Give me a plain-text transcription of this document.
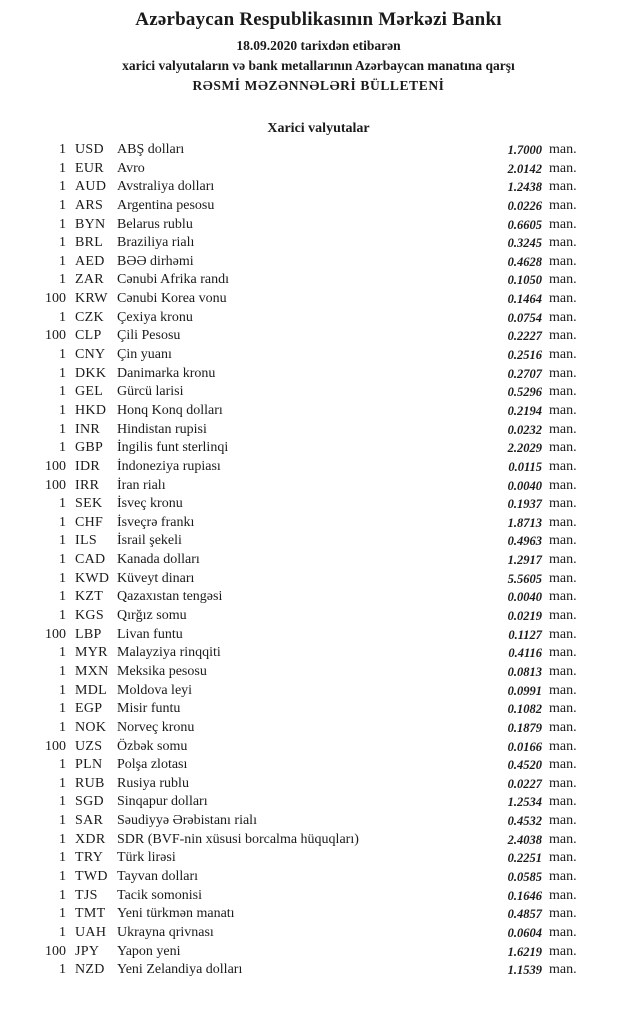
Azərbaycan Respublikasının Mərkəzi Bankı
18.09.2020 tarixdən etibarən
xarici valyutaların və bank metallarının Azərbaycan manatına qarşı
RƏSMİ MƏZƏNNƏLƏRİ BÜLLETENİ
Xarici valyutalar
1 USD ABŞ dolları	1.7000 man.
1 EUR Avro	2.0142 man.
1 AUD Avstraliya dolları	1.2438 man.
1 ARS Argentina pesosu	0.0226 man.
1 BYN Belarus rublu	0.6605 man.
1 BRL Braziliya rialı	0.3245 man.
1 AED BƏƏ dirhəmi	0.4628 man.
1 ZAR Cənubi Afrika randı	0.1050 man.
100 KRW Cənubi Korea vonu	0.1464 man.
1 CZK Çexiya kronu	0.0754 man.
100 CLP Çili Pesosu	0.2227 man.
1 CNY Çin yuanı	0.2516 man.
1 DKK Danimarka kronu	0.2707 man.
1 GEL Gürcü larisi	0.5296 man.
1 HKD Honq Konq dolları	0.2194 man.
1 INR Hindistan rupisi	0.0232 man.
1 GBP İngilis funt sterlinqi	2.2029 man.
100 IDR İndoneziya rupiası	0.0115 man.
100 IRR İran rialı	0.0040 man.
1 SEK İsveç kronu	0.1937 man.
1 CHF İsveçrə frankı	1.8713 man.
1 ILS İsrail şekeli	0.4963 man.
1 CAD Kanada dolları	1.2917 man.
1 KWD Küveyt dinarı	5.5605 man.
1 KZT Qazaxıstan tengəsi	0.0040 man.
1 KGS Qırğız somu	0.0219 man.
100 LBP Livan funtu	0.1127 man.
1 MYR Malayziya rinqqiti	0.4116 man.
1 MXN Meksika pesosu	0.0813 man.
1 MDL Moldova leyi	0.0991 man.
1 EGP Misir funtu	0.1082 man.
1 NOK Norveç kronu	0.1879 man.
100 UZS Özbək somu	0.0166 man.
1 PLN Polşa zlotası	0.4520 man.
1 RUB Rusiya rublu	0.0227 man.
1 SGD Sinqapur dolları	1.2534 man.
1 SAR Səudiyyə Ərəbistanı rialı	0.4532 man.
1 XDR SDR (BVF-nin xüsusi borcalma hüquqları)	2.4038 man.
1 TRY Türk lirəsi	0.2251 man.
1 TWD Tayvan dolları	0.0585 man.
1 TJS Tacik somonisi	0.1646 man.
1 TMT Yeni türkmən manatı	0.4857 man.
1 UAH Ukrayna qrivnası	0.0604 man.
100 JPY Yapon yeni	1.6219 man.
1 NZD Yeni Zelandiya dolları	1.1539 man.
